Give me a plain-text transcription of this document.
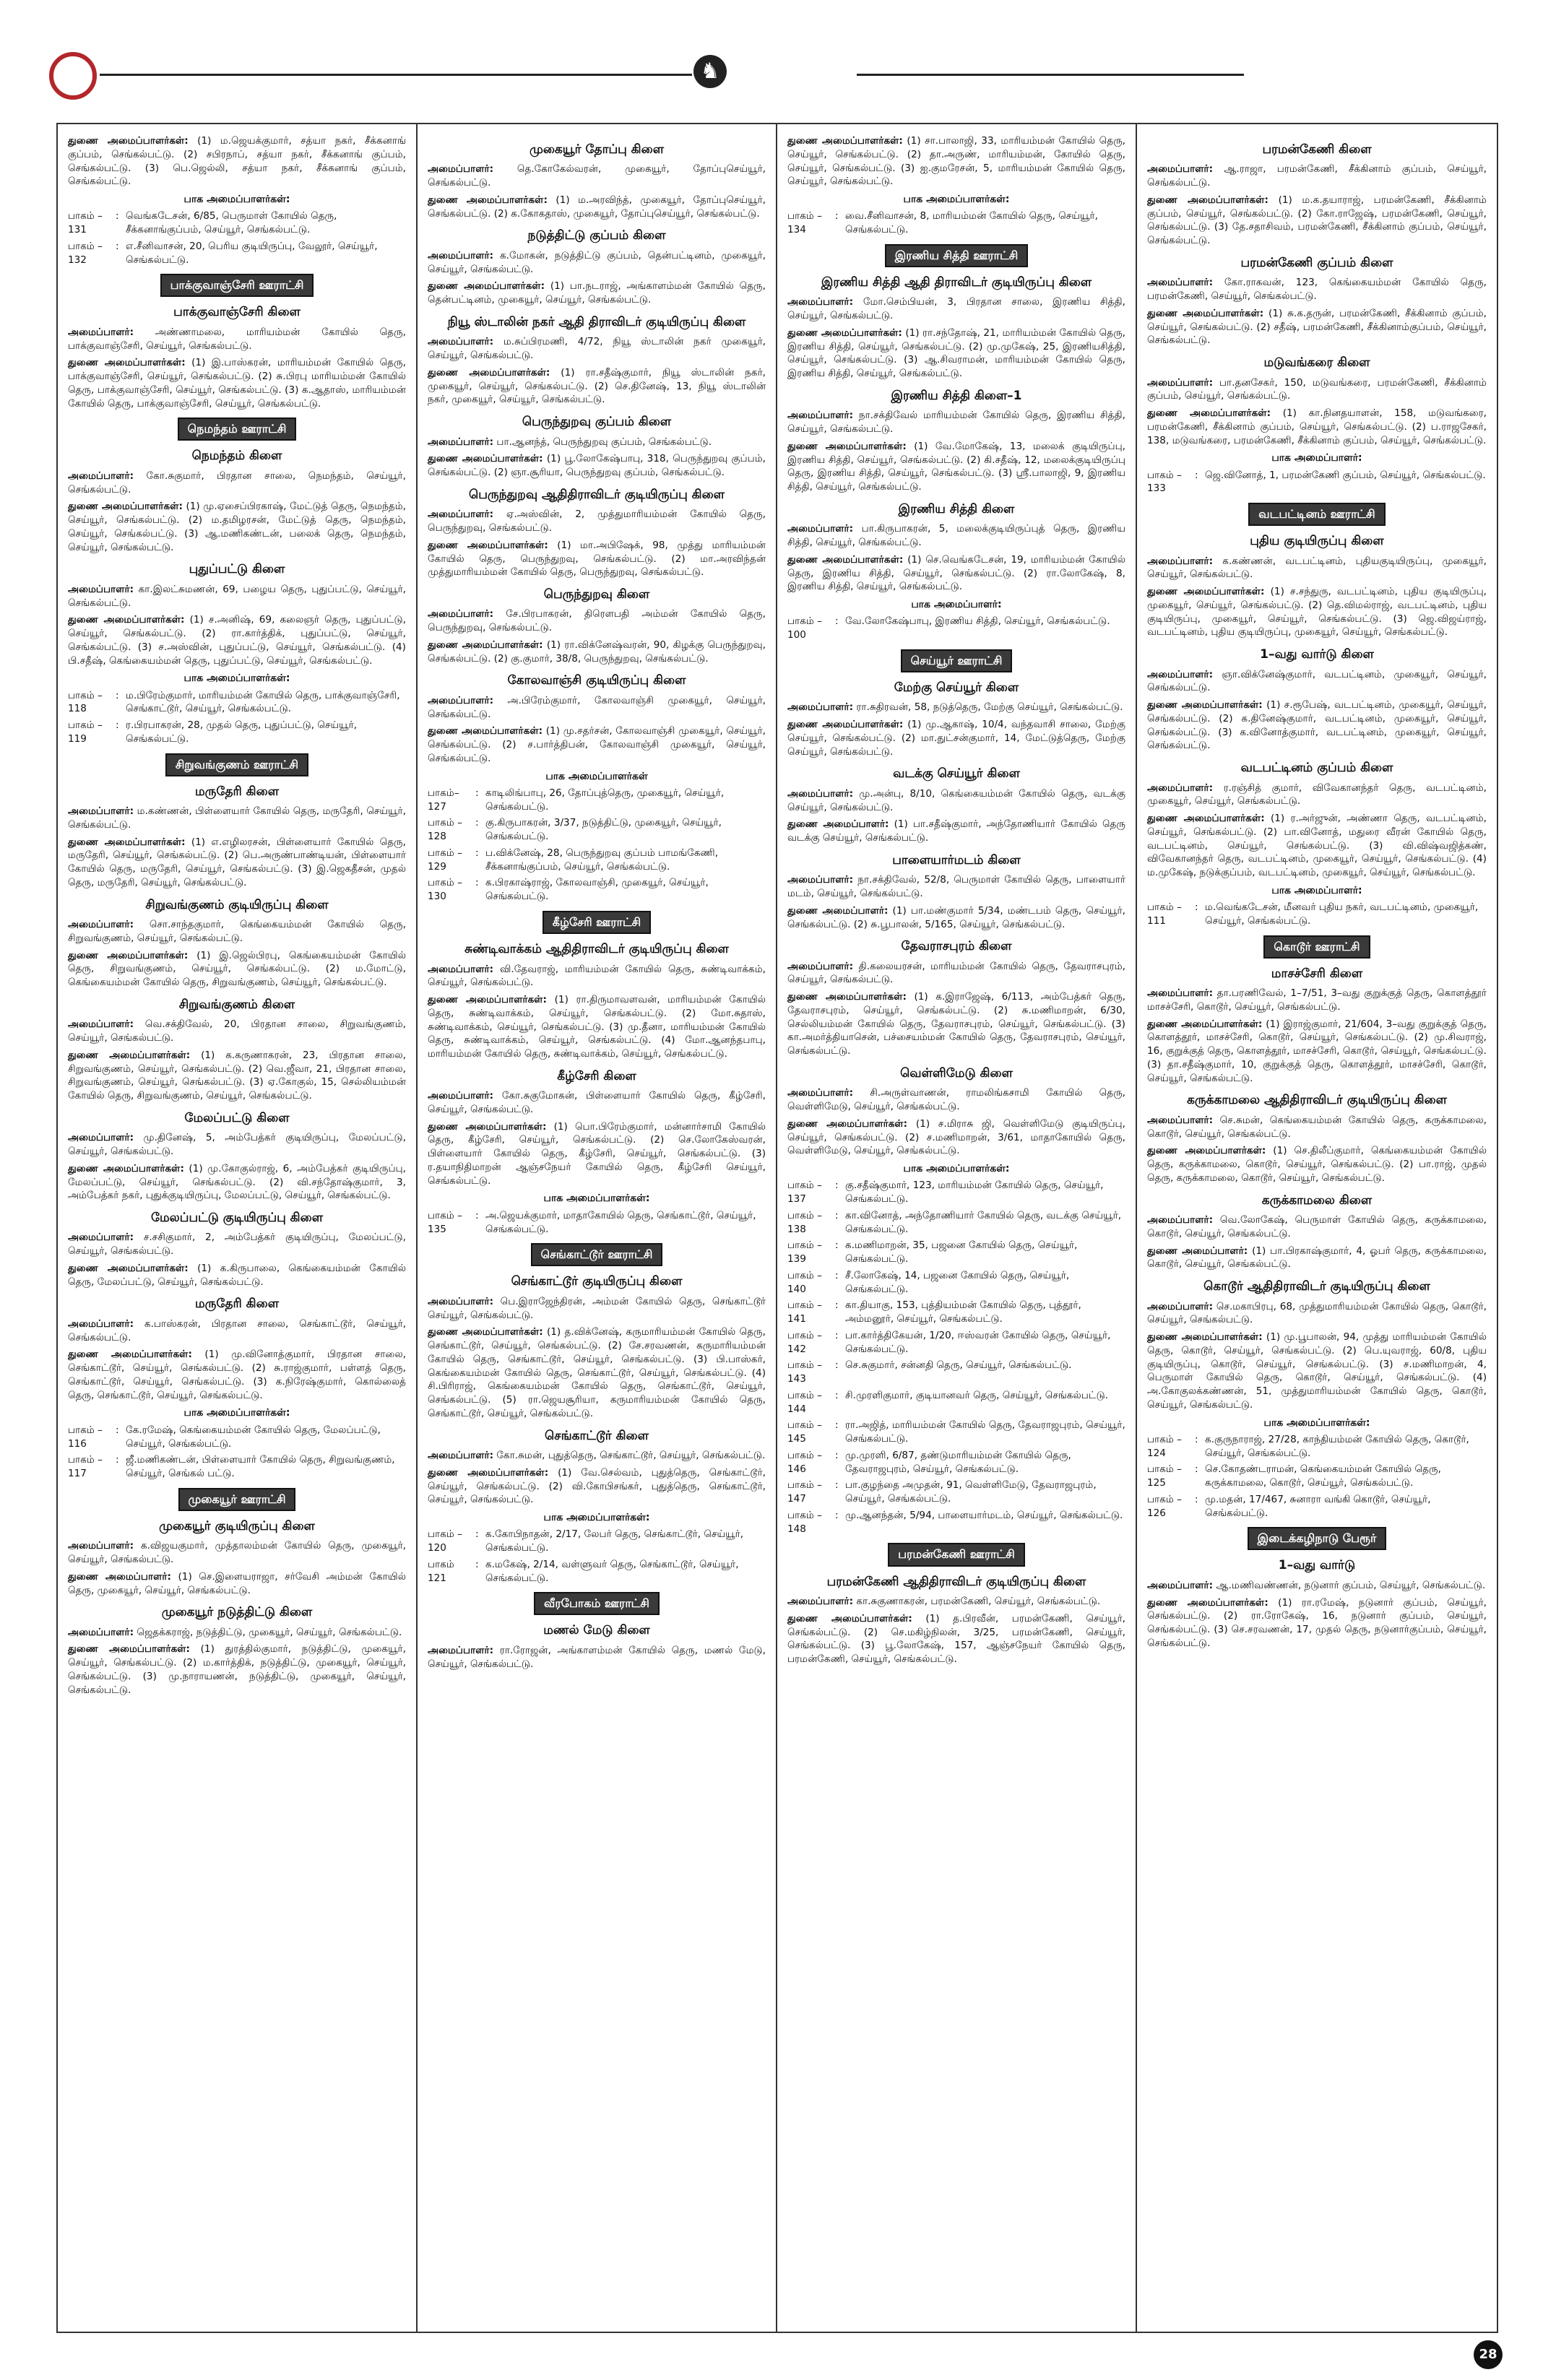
♞

துணை அமைப்பாளர்கள்: (1) ம.ஜெயக்குமார், சத்யா நகர், சீக்கனாங் குப்பம், செங்கல்பட்டு. (2) சபிரநாப், சத்யா நகர், சீக்கனாங் குப்பம், செங்கல்பட்டு. (3) பெ.ஜெல்லி, சத்யா நகர், சீக்கனாங் குப்பம், செங்கல்பட்டு.

பாக அமைப்பாளர்கள்:
பாகம் – 131
: வெங்கடேசன், 6/85, பெருமாள் கோயில் தெரு, சீக்கனாங்குப்பம், செய்யூர், செங்கல்பட்டு.
பாகம் –132
: எ.சீனிவாசன், 20, பெரிய குடியிருப்பு, வேலூர், செய்யூர், செங்கல்பட்டு.
பாக்குவாஞ்சேரி ஊராட்சி
பாக்குவாஞ்சேரி கிளை

அமைப்பாளர்: அண்ணாமலை, மாரியம்மன் கோயில் தெரு, பாக்குவாஞ்சேரி, செய்யூர், செங்கல்பட்டு.

துணை அமைப்பாளர்கள்: (1) இ.பாஸ்கரன், மாரியம்மன் கோயில் தெரு, பாக்குவாஞ்சேரி, செய்யூர், செங்கல்பட்டு. (2) சு.பிரபு மாரியம்மன் கோயில் தெரு, பாக்குவாஞ்சேரி, செய்யூர், செங்கல்பட்டு. (3) க.ஆதாஸ், மாரியம்மன் கோயில் தெரு, பாக்குவாஞ்சேரி, செய்யூர், செங்கல்பட்டு.

நெமந்தம் ஊராட்சி
நெமந்தம் கிளை

அமைப்பாளர்: கோ.சுகுமார், பிரதான சாலை, நெமந்தம், செய்யூர், செங்கல்பட்டு.

துணை அமைப்பாளர்கள்: (1) மு.ஏசைப்பிரகாஷ், மேட்டுத் தெரு, நெமந்தம், செய்யூர், செங்கல்பட்டு. (2) ம.தமிழரசன், மேட்டுத் தெரு, நெமந்தம், செய்யூர், செங்கல்பட்டு. (3) ஆ.மணிகண்டன், பலைக் தெரு, நெமந்தம், செய்யூர், செங்கல்பட்டு.

புதுப்பட்டு கிளை

அமைப்பாளர்: கா.இலட்சுமணன், 69, பழைய தெரு, புதுப்பட்டு, செய்யூர், செங்கல்பட்டு.

துணை அமைப்பாளர்கள்: (1) ச.அனிஷ், 69, கலைஞர் தெரு, புதுப்பட்டு, செய்யூர், செங்கல்பட்டு. (2) ரா.கார்த்திக், புதுப்பட்டு, செய்யூர், செங்கல்பட்டு. (3) ச.அஸ்வின், புதுப்பட்டு, செய்யூர், செங்கல்பட்டு. (4) பி.சதீஷ், கெங்கையம்மன் தெரு, புதுப்பட்டு, செய்யூர், செங்கல்பட்டு.

பாக அமைப்பாளர்கள்:
பாகம் –118
: ம.பிரேம்குமார், மாரியம்மன் கோயில் தெரு, பாக்குவாஞ்சேரி, செங்காட்டூர், செய்யூர், செங்கல்பட்டு.
பாகம் –119
: ர.பிரபாகரன், 28, முதல் தெரு, புதுப்பட்டு, செய்யூர், செங்கல்பட்டு.
சிறுவங்குணம் ஊராட்சி
மருதேரி கிளை

அமைப்பாளர்: ம.கண்ணன், பிள்ளையார் கோயில் தெரு, மருதேரி, செய்யூர், செங்கல்பட்டு.

துணை அமைப்பாளர்கள்: (1) எ.எழிலரசன், பிள்ளையார் கோயில் தெரு, மருதேரி, செய்யூர், செங்கல்பட்டு. (2) பெ.அருண்பாண்டியன், பிள்ளையார் கோயில் தெரு, மருதேரி, செய்யூர், செங்கல்பட்டு. (3) இ.ஜெகதீசன், முதல் தெரு, மருதேரி, செய்யூர், செங்கல்பட்டு.

சிறுவங்குணம் குடியிருப்பு கிளை

அமைப்பாளர்: சொ.சாந்தகுமார், கெங்கையம்மன் கோயில் தெரு, சிறுவங்குணம், செய்யூர், செங்கல்பட்டு.

துணை அமைப்பாளர்கள்: (1) இ.ஜெல்பிரபு, கெங்கையம்மன் கோயில் தெரு, சிறுவங்குணம், செய்யூர், செங்கல்பட்டு. (2) ம.மோட்டு, கெங்கையம்மன் கோயில் தெரு, சிறுவங்குணம், செய்யூர், செங்கல்பட்டு.

சிறுவங்குணம் கிளை

அமைப்பாளர்: வெ.சக்திவேல், 20, பிரதான சாலை, சிறுவங்குணம், செய்யூர், செங்கல்பட்டு.

துணை அமைப்பாளர்கள்: (1) க.கருணாகரன், 23, பிரதான சாலை, சிறுவங்குணம், செய்யூர், செங்கல்பட்டு. (2) வெ.ஜீவா, 21, பிரதான சாலை, சிறுவங்குணம், செய்யூர், செங்கல்பட்டு. (3) ஏ.கோகுல், 15, செல்லியம்மன் கோயில் தெரு, சிறுவங்குணம், செய்யூர், செங்கல்பட்டு.

மேலப்பட்டு கிளை

அமைப்பாளர்: மு.தினேஷ், 5, அம்பேத்கர் குடியிருப்பு, மேலப்பட்டு, செய்யூர், செங்கல்பட்டு.

துணை அமைப்பாளர்கள்: (1) மு.கோகுல்ராஜ், 6, அம்பேத்கர் குடியிருப்பு, மேலப்பட்டு, செய்யூர், செங்கல்பட்டு. (2) வி.சந்தோஷ்குமார், 3, அம்பேத்கர் நகர், புதுக்குடியிருப்பு, மேலப்பட்டு, செய்யூர், செங்கல்பட்டு.

மேலப்பட்டு குடியிருப்பு கிளை

அமைப்பாளர்: ச.சசிகுமார், 2, அம்பேத்கர் குடியிருப்பு, மேலப்பட்டு, செய்யூர், செங்கல்பட்டு.

துணை அமைப்பாளர்கள்: (1) க.கிருபாலை, கெங்கையம்மன் கோயில் தெரு, மேலப்பட்டு, செய்யூர், செங்கல்பட்டு.

மருதேரி கிளை

அமைப்பாளர்: க.பாஸ்கரன், பிரதான சாலை, செங்காட்டூர், செய்யூர், செங்கல்பட்டு.

துணை அமைப்பாளர்கள்: (1) மு.வினோத்குமார், பிரதான சாலை, செங்காட்டூர், செய்யூர், செங்கல்பட்டு. (2) சு.ராஜ்குமார், பள்ளத் தெரு, செங்காட்டூர், செய்யூர், செங்கல்பட்டு. (3) க.நிரேஷ்குமார், கொல்லைத் தெரு, செங்காட்டூர், செய்யூர், செங்கல்பட்டு.

பாக அமைப்பாளர்கள்:
பாகம் –116
: கே.ரமேஷ், கெங்கையம்மன் கோயில் தெரு, மேலப்பட்டு, செய்யூர், செங்கல்பட்டு.
பாகம் –117
: ஜீ.மணிகண்டன், பிள்ளையார் கோயில் தெரு, சிறுவங்குணம், செய்யூர், செங்கல் பட்டு.
முகையூர் ஊராட்சி
முகையூர் குடியிருப்பு கிளை

அமைப்பாளர்: க.விஜயகுமார், முத்தாலம்மன் கோயில் தெரு, முகையூர், செய்யூர், செங்கல்பட்டு.

துணை அமைப்பாளர்: (1) செ.இளையராஜா, சர்வேசி அம்மன் கோயில் தெரு, முகையூர், செய்யூர், செங்கல்பட்டு.

முகையூர் நடுத்திட்டு கிளை

அமைப்பாளர்: ஜெதக்கராஜ், நடுத்திட்டு, முகையூர், செய்யூர், செங்கல்பட்டு.

துணை அமைப்பாளர்கள்: (1) துரத்தில்குமார், நடுத்திட்டு, முகையூர், செய்யூர், செங்கல்பட்டு. (2) ம.கார்த்திக், நடுத்திட்டு, முகையூர், செய்யூர், செங்கல்பட்டு. (3) மு.நாராயணன், நடுத்திட்டு, முகையூர், செய்யூர், செங்கல்பட்டு.

முகையூர் தோப்பு கிளை

அமைப்பாளர்: தெ.கோகேல்வரன், முகையூர், தோப்புசெய்யூர், செங்கல்பட்டு.

துணை அமைப்பாளர்கள்: (1) ம.அரவிந்த், முகையூர், தோப்புசெய்யூர், செங்கல்பட்டு. (2) க.கோகதாஸ், முகையூர், தோப்புசெய்யூர், செங்கல்பட்டு.

நடுத்திட்டு குப்பம் கிளை

அமைப்பாளர்: க.மோகன், நடுத்திட்டு குப்பம், தென்பட்டினம், முகையூர், செய்யூர், செங்கல்பட்டு.

துணை அமைப்பாளர்கள்: (1) பா.நடராஜ், அங்காளம்மன் கோயில் தெரு, தென்பட்டினம், முகையூர், செய்யூர், செங்கல்பட்டு.

நியூ ஸ்டாலின் நகர் ஆதி திராவிடர் குடியிருப்பு கிளை

அமைப்பாளர்: ம.சுப்பிரமணி, 4/72, நியூ ஸ்டாலின் நகர் முகையூர், செய்யூர், செங்கல்பட்டு.

துணை அமைப்பாளர்கள்: (1) ரா.சதீஷ்குமார், நியூ ஸ்டாலின் நகர், முகையூர், செய்யூர், செங்கல்பட்டு. (2) செ.தினேஷ், 13, நியூ ஸ்டாலின் நகர், முகையூர், செய்யூர், செங்கல்பட்டு.

பெருந்துறவு குப்பம் கிளை

அமைப்பாளர்: பா.ஆனந்த், பெருந்துறவு குப்பம், செங்கல்பட்டு.

துணை அமைப்பாளர்கள்: (1) பூ.லோகேஷ்பாபு, 318, பெருந்துறவு குப்பம், செங்கல்பட்டு. (2) ஞா.சூரியா, பெருந்துறவு குப்பம், செங்கல்பட்டு.

பெருந்துறவு ஆதிதிராவிடர் குடியிருப்பு கிளை

அமைப்பாளர்: ஏ.அஸ்வின், 2, முத்துமாரியம்மன் கோயில் தெரு, பெருந்துறவு, செங்கல்பட்டு.

துணை அமைப்பாளர்கள்: (1) மா.அபிஷேக், 98, முத்து மாரியம்மன் கோயில் தெரு, பெருந்துறவு, செங்கல்பட்டு. (2) மா.அரவிந்தன் முத்துமாரியம்மன் கோயில் தெரு, பெருந்துறவு, செங்கல்பட்டு.

பெருந்துறவு கிளை

அமைப்பாளர்: சே.பிரபாகரன், திரௌபதி அம்மன் கோயில் தெரு, பெருந்துறவு, செங்கல்பட்டு.

துணை அமைப்பாளர்கள்: (1) ரா.விக்னேஷ்வரன், 90, கிழக்கு பெருந்துறவு, செங்கல்பட்டு. (2) கு.குமார், 38/8, பெருந்துறவு, செங்கல்பட்டு.

கோலவாஞ்சி குடியிருப்பு கிளை

அமைப்பாளர்: அ.பிரேம்குமார், கோலவாஞ்சி முகையூர், செய்யூர், செங்கல்பட்டு.

துணை அமைப்பாளர்கள்: (1) மு.சதர்சன், கோலவாஞ்சி முகையூர், செய்யூர், செங்கல்பட்டு. (2) ச.பார்த்திபன், கோலவாஞ்சி முகையூர், செய்யூர், செங்கல்பட்டு.

பாக அமைப்பாளர்கள்
பாகம்–127
: காடிலிங்பாபு, 26, தோப்புத்தெரு, முகையூர், செய்யூர், செங்கல்பட்டு.
பாகம் – 128
: கு.கிருபாகரன், 3/37, நடுத்திட்டு, முகையூர், செய்யூர், செங்கல்பட்டு.
பாகம் –129
: ப.விக்னேஷ், 28, பெருந்துறவு குப்பம் பாமங்கேணி, சீக்கனாங்குப்பம், செய்யூர், செங்கல்பட்டு.
பாகம் – 130
: க.பிரகாஷ்ராஜ், கோலவாஞ்சி, முகையூர், செய்யூர், செங்கல்பட்டு.
கீழ்சேரி ஊராட்சி
சுண்டிவாக்கம் ஆதிதிராவிடர் குடியிருப்பு கிளை

அமைப்பாளர்: வி.தேவராஜ், மாரியம்மன் கோயில் தெரு, சுண்டிவாக்கம், செய்யூர், செங்கல்பட்டு.

துணை அமைப்பாளர்கள்: (1) ரா.திருமாவளவன், மாரியம்மன் கோயில் தெரு, சுண்டிவாக்கம், செய்யூர், செங்கல்பட்டு. (2) மோ.சுதாஸ், சுண்டிவாக்கம், செய்யூர், செங்கல்பட்டு. (3) மு.தீனா, மாரியம்மன் கோயில் தெரு, சுண்டிவாக்கம், செய்யூர், செங்கல்பட்டு. (4) மோ.ஆனந்தபாபு, மாரியம்மன் கோயில் தெரு, சுண்டிவாக்கம், செய்யூர், செங்கல்பட்டு.

கீழ்சேரி கிளை

அமைப்பாளர்: கோ.சுகுமோகன், பிள்ளையார் கோயில் தெரு, கீழ்சேரி, செய்யூர், செங்கல்பட்டு.

துணை அமைப்பாளர்கள்: (1) பொ.பிரேம்குமார், மன்னார்சாமி கோயில் தெரு, கீழ்சேரி, செய்யூர், செங்கல்பட்டு. (2) செ.லோகேஸ்வரன், பிள்ளையார் கோயில் தெரு, கீழ்சேரி, செய்யூர், செங்கல்பட்டு. (3) ர.தயாநிதிமாறன் ஆஞ்சநேயர் கோயில் தெரு, கீழ்சேரி செய்யூர், செங்கல்பட்டு.

பாக அமைப்பாளர்கள்:
பாகம் –135
: அ.ஜெயக்குமார், மாதாகோயில் தெரு, செங்காட்டூர், செய்யூர், செங்கல்பட்டு.
செங்காட்டூர் ஊராட்சி
செங்காட்டூர் குடியிருப்பு கிளை

அமைப்பாளர்: பெ.இராஜேந்திரன், அம்மன் கோயில் தெரு, செங்காட்டூர் செய்யூர், செங்கல்பட்டு.

துணை அமைப்பாளர்கள்: (1) த.விக்னேஷ், கருமாரியம்மன் கோயில் தெரு, செங்காட்டூர், செய்யூர், செங்கல்பட்டு. (2) சே.சரவணன், கருமாரியம்மன் கோயில் தெரு, செங்காட்டூர், செய்யூர், செங்கல்பட்டு. (3) பி.பாஸ்கர், கெங்கையம்மன் கோயில் தெரு, செங்காட்டூர், செய்யூர், செங்கல்பட்டு. (4) சி.பிரிராஜ், கெங்கையம்மன் கோயில் தெரு, செங்காட்டூர், செய்யூர், செங்கல்பட்டு. (5) ரா.ஜெயசூரியா, கருமாரியம்மன் கோயில் தெரு, செங்காட்டூர், செய்யூர், செங்கல்பட்டு.

செங்காட்டூர் கிளை

அமைப்பாளர்: கோ.சுமன், புதுத்தெரு, செங்காட்டூர், செய்யூர், செங்கல்பட்டு.

துணை அமைப்பாளர்கள்: (1) வே.செல்வம், புதுத்தெரு, செங்காட்டூர், செய்யூர், செங்கல்பட்டு. (2) வி.கோபிசங்கர், புதுத்தெரு, செங்காட்டூர், செய்யூர், செங்கல்பட்டு.

பாக அமைப்பாளர்கள்:
பாகம் – 120
: க.கோபிநாதன், 2/17, லேபர் தெரு, செங்காட்டூர், செய்யூர், செங்கல்பட்டு.
பாகம் 121
: க.மகேஷ், 2/14, வள்ளுவர் தெரு, செங்காட்டூர், செய்யூர், செங்கல்பட்டு.
வீரபோகம் ஊராட்சி
மணல் மேடு கிளை

அமைப்பாளர்: ரா.ரோஜன், அங்காளம்மன் கோயில் தெரு, மணல் மேடு, செய்யூர், செங்கல்பட்டு.

துணை அமைப்பாளர்கள்: (1) சா.பாலாஜி, 33, மாரியம்மன் கோயில் தெரு, செய்யூர், செங்கல்பட்டு. (2) தா.அருண், மாரியம்மன், கோயில் தெரு, செய்யூர், செங்கல்பட்டு. (3) ஐ.குமரேசன், 5, மாரியம்மன் கோயில் தெரு, செய்யூர், செங்கல்பட்டு.

பாக அமைப்பாளர்கள்:
பாகம் – 134
: வை.சீனிவாசன், 8, மாரியம்மன் கோயில் தெரு, செய்யூர், செங்கல்பட்டு.
இரணிய சித்தி ஊராட்சி
இரணிய சித்தி ஆதி திராவிடர் குடியிருப்பு கிளை

அமைப்பாளர்: மோ.செம்பியன், 3, பிரதான சாலை, இரணிய சித்தி, செய்யூர், செங்கல்பட்டு.

துணை அமைப்பாளர்கள்: (1) ரா.சந்தோஷ், 21, மாரியம்மன் கோயில் தெரு, இரணிய சித்தி, செய்யூர், செங்கல்பட்டு. (2) மு.முகேஷ், 25, இரணியசித்தி, செய்யூர், செங்கல்பட்டு. (3) ஆ.சிவராமன், மாரியம்மன் கோயில் தெரு, இரணிய சித்தி, செய்யூர், செங்கல்பட்டு.

இரணிய சித்தி கிளை–1

அமைப்பாளர்: நா.சக்திவேல் மாரியம்மன் கோயில் தெரு, இரணிய சித்தி, செய்யூர், செங்கல்பட்டு.

துணை அமைப்பாளர்கள்: (1) வே.மோகேஷ், 13, மலைக் குடியிருப்பு, இரணிய சித்தி, செய்யூர், செங்கல்பட்டு. (2) கி.சதீஷ், 12, மலைக்குடியிருப்பு தெரு, இரணிய சித்தி, செய்யூர், செங்கல்பட்டு. (3) ஸ்ரீ.பாலாஜி, 9, இரணிய சித்தி, செய்யூர், செங்கல்பட்டு.

இரணிய சித்தி கிளை

அமைப்பாளர்: பா.கிருபாகரன், 5, மலைக்குடியிருப்புத் தெரு, இரணிய சித்தி, செய்யூர், செங்கல்பட்டு.

துணை அமைப்பாளர்கள்: (1) செ.வெங்கடேசன், 19, மாரியம்மன் கோயில் தெரு, இரணிய சித்தி, செய்யூர், செங்கல்பட்டு. (2) ரா.லோகேஷ், 8, இரணிய சித்தி, செய்யூர், செங்கல்பட்டு.

பாக அமைப்பாளர்:
பாகம் – 100
: வே.லோகேஷ்பாபு, இரணிய சித்தி, செய்யூர், செங்கல்பட்டு.
செய்யூர் ஊராட்சி
மேற்கு செய்யூர் கிளை

அமைப்பாளர்: ரா.சுதிரவன், 58, நடுத்தெரு, மேற்கு செய்யூர், செங்கல்பட்டு.

துணை அமைப்பாளர்கள்: (1) மு.ஆகாஷ், 10/4, வந்தவாசி சாலை, மேற்கு செய்யூர், செங்கல்பட்டு. (2) மா.துட்சன்குமார், 14, மேட்டுத்தெரு, மேற்கு செய்யூர், செங்கல்பட்டு.

வடக்கு செய்யூர் கிளை

அமைப்பாளர்: மு.அன்பு, 8/10, கெங்கையம்மன் கோயில் தெரு, வடக்கு செய்யூர், செங்கல்பட்டு.

துணை அமைப்பாளர்: (1) பா.சதீஷ்குமார், அந்தோணியார் கோயில் தெரு வடக்கு செய்யூர், செங்கல்பட்டு.

பாளையார்மடம் கிளை

அமைப்பாளர்: நா.சக்திவேல், 52/8, பெருமாள் கோயில் தெரு, பாளையார் மடம், செய்யூர், செங்கல்பட்டு.

துணை அமைப்பாளர்: (1) பா.மண்குமார் 5/34, மண்டபம் தெரு, செய்யூர், செங்கல்பட்டு. (2) சு.பூபாலன், 5/165, செய்யூர், செங்கல்பட்டு.

தேவராசபுரம் கிளை

அமைப்பாளர்: தி.கலையரசன், மாரியம்மன் கோயில் தெரு, தேவராசபுரம், செய்யூர், செங்கல்பட்டு.

துணை அமைப்பாளர்கள்: (1) க.இராஜேஷ், 6/113, அம்பேத்கர் தெரு, தேவராசபுரம், செய்யூர், செங்கல்பட்டு. (2) சு.மணிமாறன், 6/30, செல்லியம்மன் கோயில் தெரு, தேவராசபுரம், செய்யூர், செங்கல்பட்டு. (3) கா.அமர்த்தியாசென், பச்சையம்மன் கோயில் தெரு, தேவராசபுரம், செய்யூர், செங்கல்பட்டு.

வெள்ளிமேடு கிளை

அமைப்பாளர்: சி.அருள்வாணன், ராமலிங்கசாமி கோயில் தெரு, வெள்ளிமேடு, செய்யூர், செங்கல்பட்டு.

துணை அமைப்பாளர்கள்: (1) ச.மிராசு ஜி, வெள்ளிமேடு குடியிருப்பு, செய்யூர், செங்கல்பட்டு. (2) ச.மணிமாறன், 3/61, மாதாகோயில் தெரு, வெள்ளிமேடு, செய்யூர், செங்கல்பட்டு.

பாக அமைப்பாளர்கள்:
பாகம் – 137
: கு.சதீஷ்குமார், 123, மாரியம்மன் கோயில் தெரு, செய்யூர், செங்கல்பட்டு.
பாகம் – 138
: கா.வினோத், அந்தோணியார் கோயில் தெரு, வடக்கு செய்யூர், செங்கல்பட்டு.
பாகம் – 139
: க.மணிமாறன், 35, பஜனை கோயில் தெரு, செய்யூர், செங்கல்பட்டு.
பாகம் –140
: சீ.லோகேஷ், 14, பஜனை கோயில் தெரு, செய்யூர், செங்கல்பட்டு.
பாகம் – 141
: கா.தியாகு, 153, புத்தியம்மன் கோயில் தெரு, புத்தூர், அம்மனூர், செய்யூர், செங்கல்பட்டு.
பாகம் – 142
: பா.கார்த்திகேயன், 1/20, ஈஸ்வரன் கோயில் தெரு, செய்யூர், செங்கல்பட்டு.
பாகம் – 143
: செ.சுகுமார், சன்னதி தெரு, செய்யூர், செங்கல்பட்டு.
பாகம் –144
: சி.முரளிகுமார், குடியானவர் தெரு, செய்யூர், செங்கல்பட்டு.
பாகம் – 145
: ரா.அஜித், மாரியம்மன் கோயில் தெரு, தேவராஜபுரம், செய்யூர், செங்கல்பட்டு.
பாகம் – 146
: மு.முரளி, 6/87, தண்டுமாரியம்மன் கோயில் தெரு, தேவராஜபுரம், செய்யூர், செங்கல்பட்டு.
பாகம் – 147
: பா.குழந்தை அமுதன், 91, வெள்ளிமேடு, தேவராஜபுரம், செய்யூர், செங்கல்பட்டு.
பாகம் –148
: மு.ஆனந்தன், 5/94, பாளையார்மடம், செய்யூர், செங்கல்பட்டு.
பரமன்கேணி ஊராட்சி
பரமன்கேணி ஆதிதிராவிடர் குடியிருப்பு கிளை

அமைப்பாளர்: கா.சுகுணாகரன், பரமன்கேணி, செய்யூர், செங்கல்பட்டு.

துணை அமைப்பாளர்கள்: (1) த.பிரவீன், பரமன்கேணி, செய்யூர், செங்கல்பட்டு. (2) செ.மகிழ்நிலன், 3/25, பரமன்கேணி, செய்யூர், செங்கல்பட்டு. (3) பூ.லோகேஷ், 157, ஆஞ்சநேயர் கோயில் தெரு, பரமன்கேணி, செய்யூர், செங்கல்பட்டு.

பரமன்கேணி கிளை

அமைப்பாளர்: ஆ.ராஜா, பரமன்கேணி, சீக்கினாம் குப்பம், செய்யூர், செங்கல்பட்டு.

துணை அமைப்பாளர்கள்: (1) ம.க.தயாராஜ், பரமன்கேணி, சீக்கினாம் குப்பம், செய்யூர், செங்கல்பட்டு. (2) கோ.ராஜேஷ், பரமன்கேணி, செய்யூர், செங்கல்பட்டு. (3) தே.சதாசிவம், பரமன்கேணி, சீக்கினாம் குப்பம், செய்யூர், செங்கல்பட்டு.

பரமன்கேணி குப்பம் கிளை

அமைப்பாளர்: கோ.ராகவன், 123, கெங்கையம்மன் கோயில் தெரு, பரமன்கேணி, செய்யூர், செங்கல்பட்டு.

துணை அமைப்பாளர்கள்: (1) சு.க.தருன், பரமன்கேணி, சீக்கினாம் குப்பம், செய்யூர், செங்கல்பட்டு. (2) சதீஷ், பரமன்கேணி, சீக்கினாம்குப்பம், செய்யூர், செங்கல்பட்டு.

மடுவங்கரை கிளை

அமைப்பாளர்: பா.தனசேகர், 150, மடுவங்கரை, பரமன்கேணி, சீக்கினாம் குப்பம், செய்யூர், செங்கல்பட்டு.

துணை அமைப்பாளர்கள்: (1) கா.நினதயாளன், 158, மடுவங்கரை, பரமன்கேணி, சீக்கினாம் குப்பம், செய்யூர், செங்கல்பட்டு. (2) ப.ராஜசேகர், 138, மடுவங்கரை, பரமன்கேணி, சீக்கினாம் குப்பம், செய்யூர், செங்கல்பட்டு.

பாக அமைப்பாளர்:
பாகம் –133
: ஜெ.வினோத், 1, பரமன்கேணி குப்பம், செய்யூர், செங்கல்பட்டு.
வடபட்டினம் ஊராட்சி
புதிய குடியிருப்பு கிளை

அமைப்பாளர்: க.கண்ணன், வடபட்டினம், புதியகுடியிருப்பு, முகையூர், செய்யூர், செங்கல்பட்டு.

துணை அமைப்பாளர்கள்: (1) ச.சந்துரு, வடபட்டினம், புதிய குடியிருப்பு, முகையூர், செய்யூர், செங்கல்பட்டு. (2) தெ.விமல்ராஜ், வடபட்டினம், புதிய குடியிருப்பு, முகையூர், செய்யூர், செங்கல்பட்டு. (3) ஜெ.விஜய்ராஜ், வடபட்டினம், புதிய குடியிருப்பு, முகையூர், செய்யூர், செங்கல்பட்டு.

1–வது வார்டு கிளை

அமைப்பாளர்: ஞா.விக்னேஷ்குமார், வடபட்டினம், முகையூர், செய்யூர், செங்கல்பட்டு.

துணை அமைப்பாளர்கள்: (1) ச.ரூபேஷ், வடபட்டினம், முகையூர், செய்யூர், செங்கல்பட்டு. (2) க.தினேஷ்குமார், வடபட்டினம், முகையூர், செய்யூர், செங்கல்பட்டு. (3) க.வினோத்குமார், வடபட்டினம், முகையூர், செய்யூர், செங்கல்பட்டு.

வடபட்டினம் குப்பம் கிளை

அமைப்பாளர்: ர.ரஞ்சித் குமார், விவேகானந்தர் தெரு, வடபட்டினம், முகையூர், செய்யூர், செங்கல்பட்டு.

துணை அமைப்பாளர்கள்: (1) ர.அர்ஜுன், அண்ணா தெரு, வடபட்டினம், செய்யூர், செங்கல்பட்டு. (2) பா.வினோத், மதுரை வீரன் கோயில் தெரு, வடபட்டினம், செய்யூர், செங்கல்பட்டு. (3) வி.விஷ்வஜித்கண், விவேகானந்தர் தெரு, வடபட்டினம், முகையூர், செய்யூர், செங்கல்பட்டு. (4) ம.முகேஷ், நடுக்குப்பம், வடபட்டினம், முகையூர், செய்யூர், செங்கல்பட்டு.

பாக அமைப்பாளர்:
பாகம் – 111
: ம.வெங்கடேசன், மீனவர் புதிய நகர், வடபட்டினம், முகையூர், செய்யூர், செங்கல்பட்டு.
கொடூர் ஊராட்சி
மாசச்சேரி கிளை

அமைப்பாளர்: தா.பரணிவேல், 1–7/51, 3–வது குறுக்குத் தெரு, கொளத்தூர் மாசச்சேரி, கொடூர், செய்யூர், செங்கல்பட்டு.

துணை அமைப்பாளர்கள்: (1) இராஜ்குமார், 21/604, 3–வது குறுக்குத் தெரு, கொளத்தூர், மாசச்சேரி, கொடூர், செய்யூர், செங்கல்பட்டு. (2) மு.சிவராஜ், 16, குறுக்குத் தெரு, கொளத்தூர், மாசச்சேரி, கொடூர், செய்யூர், செங்கல்பட்டு. (3) தா.சதீஷ்குமார், 10, குறுக்குத் தெரு, கொளத்தூர், மாசச்சேரி, கொடூர், செய்யூர், செங்கல்பட்டு.

கருக்காமலை ஆதிதிராவிடர் குடியிருப்பு கிளை

அமைப்பாளர்: செ.சுமன், கெங்கையம்மன் கோயில் தெரு, கருக்காமலை, கொடூர், செய்யூர், செங்கல்பட்டு.

துணை அமைப்பாளர்கள்: (1) செ.திலீப்குமார், கெங்கையம்மன் கோயில் தெரு, கருக்காமலை, கொடூர், செய்யூர், செங்கல்பட்டு. (2) பா.ராஜ், முதல் தெரு, கருக்காமலை, கொடூர், செய்யூர், செங்கல்பட்டு.

கருக்காமலை கிளை

அமைப்பாளர்: வெ.லோகேஷ், பெருமாள் கோயில் தெரு, கருக்காமலை, கொடூர், செய்யூர், செங்கல்பட்டு.

துணை அமைப்பாளர்: (1) பா.பிரகாஷ்குமார், 4, ஓபர் தெரு, கருக்காமலை, கொடூர், செய்யூர், செங்கல்பட்டு.

கொடூர் ஆதிதிராவிடர் குடியிருப்பு கிளை

அமைப்பாளர்: செ.மகாபிரபு, 68, முத்துமாரியம்மன் கோயில் தெரு, கொடூர், செய்யூர், செங்கல்பட்டு.

துணை அமைப்பாளர்கள்: (1) மு.பூபாலன், 94, முத்து மாரியம்மன் கோயில் தெரு, கொடூர், செய்யூர், செங்கல்பட்டு. (2) பெ.யுவராஜ், 60/8, புதிய குடியிருப்பு, கொடூர், செய்யூர், செங்கல்பட்டு. (3) ச.மணிமாறன், 4, பெருமாள் கோயில் தெரு, கொடூர், செய்யூர், செங்கல்பட்டு. (4) அ.கோகுலக்கண்ணன், 51, முத்துமாரியம்மன் கோயில் தெரு, கொடூர், செய்யூர், செங்கல்பட்டு.

பாக அமைப்பாளர்கள்:
பாகம் – 124
: க.குருநாராஜ், 27/28, காந்தியம்மன் கோயில் தெரு, கொடூர், செய்யூர், செங்கல்பட்டு.
பாகம் – 125
: செ.கோதண்டராமன், கெங்கையம்மன் கோயில் தெரு, கருக்காமலை, கொடூர், செய்யூர், செங்கல்பட்டு.
பாகம் – 126
: மு.மதன், 17/467, சுனாரா வங்கி கொடூர், செய்யூர், செங்கல்பட்டு.
இடைக்கழிநாடு பேரூர்
1–வது வார்டு

அமைப்பாளர்: ஆ.மணிவண்ணன், நடுனார் குப்பம், செய்யூர், செங்கல்பட்டு.

துணை அமைப்பாளர்கள்: (1) ரா.ரமேஷ், நடுனார் குப்பம், செய்யூர், செங்கல்பட்டு. (2) ரா.ரோகேஷ், 16, நடுனார் குப்பம், செய்யூர், செங்கல்பட்டு. (3) செ.சரவணன், 17, முதல் தெரு, நடுனார்குப்பம், செய்யூர், செங்கல்பட்டு.

28
